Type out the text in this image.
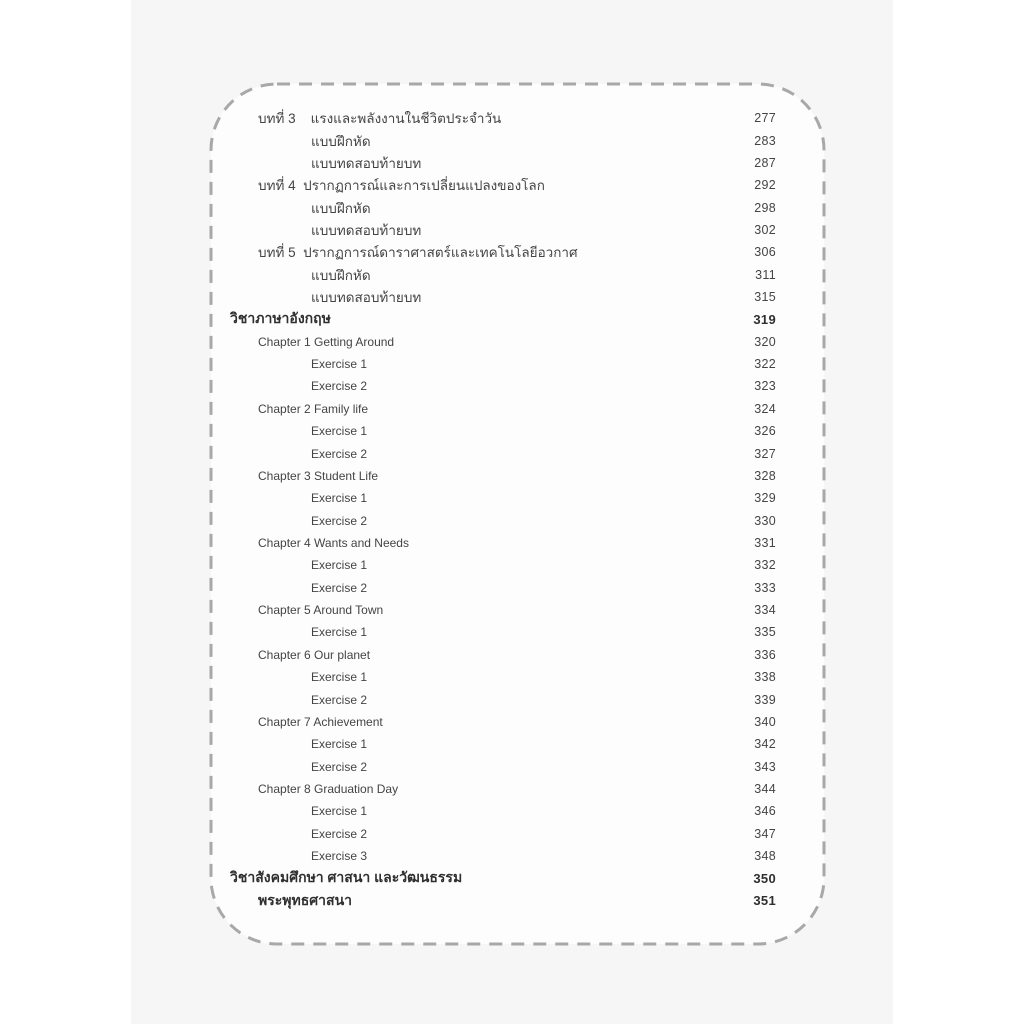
บทที่ 3    แรงและพลังงานในชีวิตประจำวัน	277
แบบฝึกหัด	283
แบบทดสอบท้ายบท	287
บทที่ 4  ปรากฏการณ์และการเปลี่ยนแปลงของโลก	292
แบบฝึกหัด	298
แบบทดสอบท้ายบท	302
บทที่ 5  ปรากฏการณ์ดาราศาสตร์และเทคโนโลยีอวกาศ	306
แบบฝึกหัด	311
แบบทดสอบท้ายบท	315
วิชาภาษาอังกฤษ	319
Chapter 1 Getting Around	320
Exercise 1	322
Exercise 2	323
Chapter 2 Family life	324
Exercise 1	326
Exercise 2	327
Chapter 3 Student Life	328
Exercise 1	329
Exercise 2	330
Chapter 4 Wants and Needs	331
Exercise 1	332
Exercise 2	333
Chapter 5 Around Town	334
Exercise 1	335
Chapter 6 Our planet	336
Exercise 1	338
Exercise 2	339
Chapter 7 Achievement	340
Exercise 1	342
Exercise 2	343
Chapter 8 Graduation Day	344
Exercise 1	346
Exercise 2	347
Exercise 3	348
วิชาสังคมศึกษา ศาสนา และวัฒนธรรม	350
พระพุทธศาสนา	351
